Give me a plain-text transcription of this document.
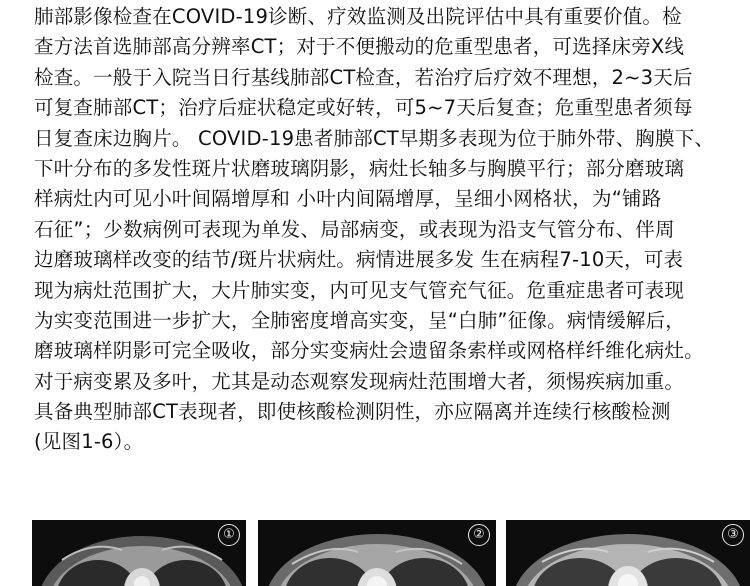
肺部影像检查在COVID-19诊断、疗效监测及出院评估中具有重要价值。检
查方法首选肺部高分辨率CT；对于不便搬动的危重型患者，可选择床旁X线
检查。一般于入院当日行基线肺部CT检查，若治疗后疗效不理想，2~3天后
可复查肺部CT；治疗后症状稳定或好转，可5~7天后复查；危重型患者须每
日复查床边胸片。 COVID-19患者肺部CT早期多表现为位于肺外带、胸膜下、
下叶分布的多发性斑片状磨玻璃阴影，病灶长轴多与胸膜平行；部分磨玻璃
样病灶内可见小叶间隔增厚和 小叶内间隔增厚，呈细小网格状，为“铺路
石征”；少数病例可表现为单发、局部病变，或表现为沿支气管分布、伴周
边磨玻璃样改变的结节/斑片状病灶。病情进展多发 生在病程7-10天，可表
现为病灶范围扩大，大片肺实变，内可见支气管充气征。危重症患者可表现
为实变范围进一步扩大，全肺密度增高实变，呈“白肺”征像。病情缓解后，
磨玻璃样阴影可完全吸收，部分实变病灶会遗留条索样或网格样纤维化病灶。
对于病变累及多叶，尤其是动态观察发现病灶范围增大者，须惕疾病加重。
具备典型肺部CT表现者，即使核酸检测阴性，亦应隔离并连续行核酸检测
(见图1-6）。
①	②	③
